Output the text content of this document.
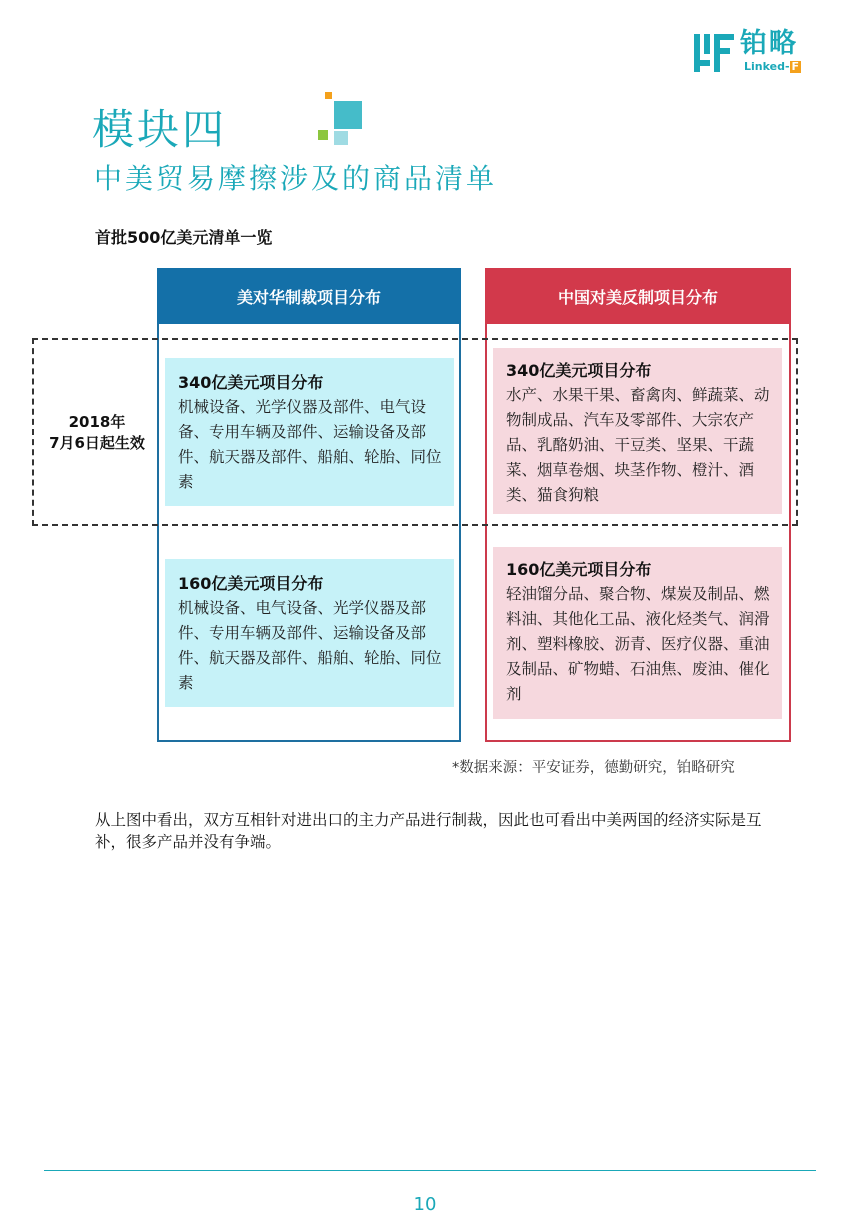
铂略
Linked- F
模块四
中美贸易摩擦涉及的商品清单
首批500亿美元清单一览
美对华制裁项目分布	中国对美反制项目分布
2018年
7月6日起生效
340亿美元项目分布
机械设备、光学仪器及部件、电气设备、专用车辆及部件、运输设备及部件、航天器及部件、船舶、轮胎、同位素
160亿美元项目分布
机械设备、电气设备、光学仪器及部件、专用车辆及部件、运输设备及部件、航天器及部件、船舶、轮胎、同位素
340亿美元项目分布
水产、水果干果、畜禽肉、鲜蔬菜、动物制成品、汽车及零部件、大宗农产品、乳酪奶油、干豆类、坚果、干蔬菜、烟草卷烟、块茎作物、橙汁、酒类、猫食狗粮
160亿美元项目分布
轻油馏分品、聚合物、煤炭及制品、燃料油、其他化工品、液化烃类气、润滑剂、塑料橡胶、沥青、医疗仪器、重油及制品、矿物蜡、石油焦、废油、催化剂
*数据来源：平安证券，德勤研究，铂略研究
从上图中看出，双方互相针对进出口的主力产品进行制裁，因此也可看出中美两国的经济实际是互补，很多产品并没有争端。
10
